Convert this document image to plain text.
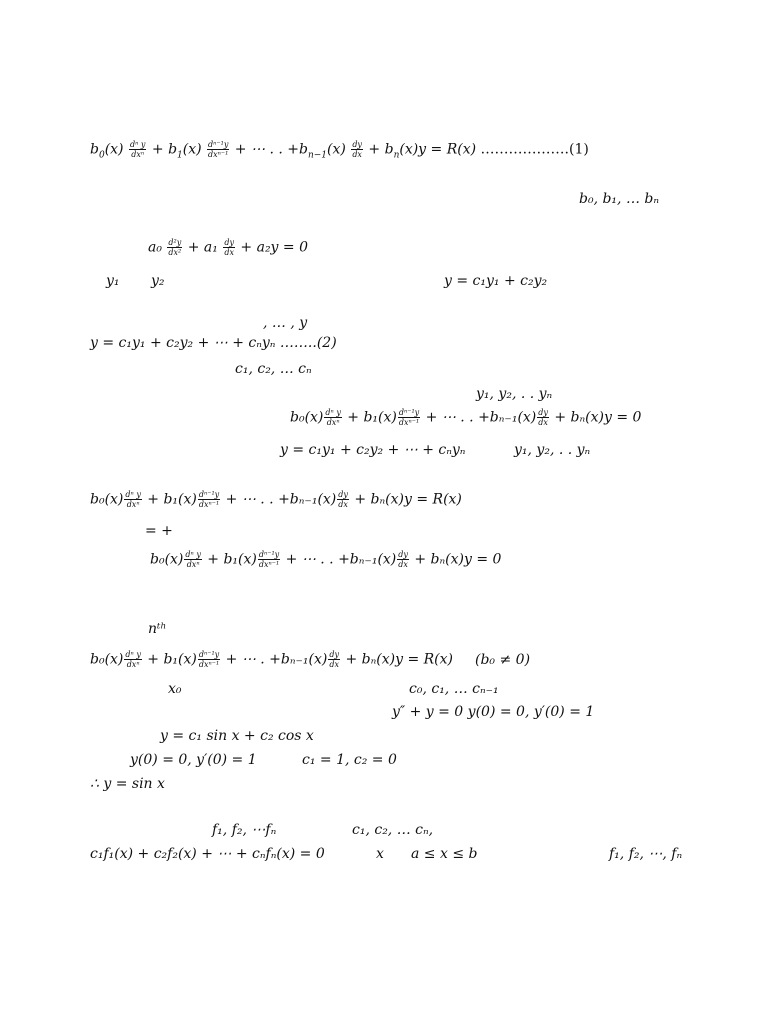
$b_0(x) \frac{\text{dⁿ y}}{\text{dxⁿ}} + b_1(x) \frac{\text{dⁿ⁻¹y}}{\text{dxⁿ⁻¹}}$ + ⋯ . . $+b_{n-1}(x) \frac{dy}{dx} + b_n(x)y = R(x)$ ……………….(1)
b₀, b₁, … bₙ
$a_0 \frac{\text{d²y}}{\text{dx²}} + a_1 \frac{dy}{dx} + a_2y = 0$
y₁ y₂	y = c₁y₁ + c₂y₂
, … , y
y = c₁y₁ + c₂y₂ + ⋯ + cₙyₙ ……..(2)
c₁, c₂, … cₙ
y₁, y₂, . . yₙ
$b_0(x) \frac{\text{dⁿ y}}{\text{dxⁿ}} + b_1(x) \frac{\text{dⁿ⁻¹y}}{\text{dxⁿ⁻¹}}$ + ⋯ . . $+b_{n-1}(x) \frac{dy}{dx} + b_n(x)y = 0$
y = c₁y₁ + c₂y₂ + ⋯ + cₙyₙ	y₁, y₂, . . yₙ
$b_0(x) \frac{\text{dⁿ y}}{\text{dxⁿ}} + b_1(x) \frac{\text{dⁿ⁻¹y}}{\text{dxⁿ⁻¹}}$ + ⋯ . . $+b_{n-1}(x) \frac{dy}{dx} + b_n(x)y = R(x)$
= +
$b_0(x) \frac{\text{dⁿ y}}{\text{dxⁿ}} + b_1(x) \frac{\text{dⁿ⁻¹y}}{\text{dxⁿ⁻¹}}$ + ⋯ . . $+b_{n-1}(x) \frac{dy}{dx} + b_n(x)y = 0$
nᵗʰ
$b_0(x) \frac{\text{dⁿ y}}{\text{dxⁿ}} + b_1(x) \frac{\text{dⁿ⁻¹y}}{\text{dxⁿ⁻¹}}$ + ⋯ . $+b_{n-1}(x) \frac{dy}{dx} + b_n(x)y = R(x) (b_0 \ne 0)$
x₀	c₀, c₁, … cₙ₋₁
y″ + y = 0 y(0) = 0, y′(0) = 1
y = c₁ sin x + c₂ cos x
y(0) = 0, y′(0) = 1	c₁ = 1, c₂ = 0
∴ y = sin x
f₁, f₂, ⋯fₙ	c₁, c₂, … cₙ,
c₁f₁(x) + c₂f₂(x) + ⋯ + cₙfₙ(x) = 0	x a ≤ x ≤ b	f₁, f₂, ⋯, fₙ
